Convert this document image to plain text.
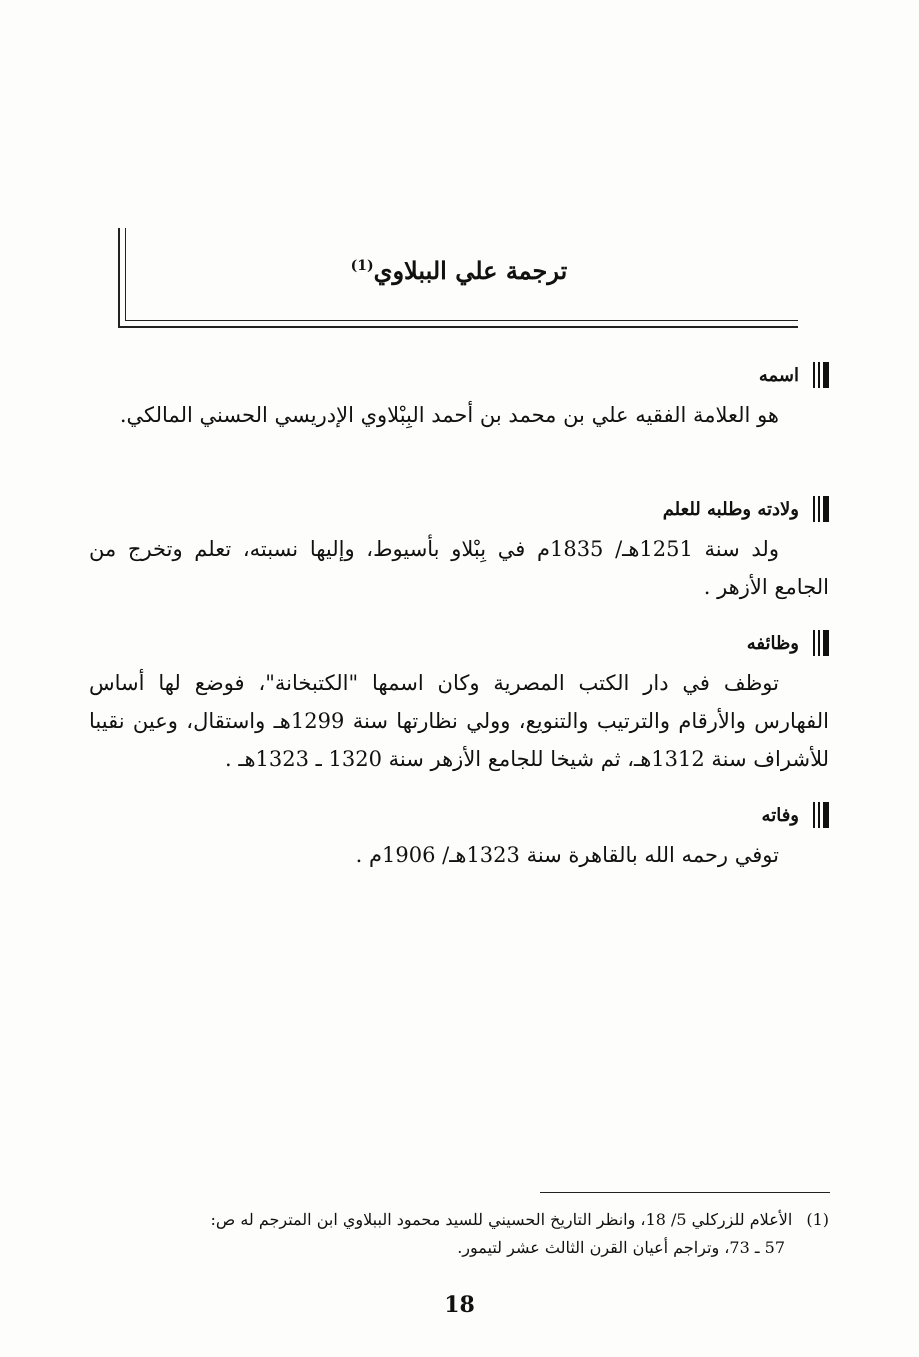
ترجمة علي الببلاوي$^{(1)}$
اسمه
هو العلامة الفقيه علي بن محمد بن أحمد البِبْلاوي الإدريسي الحسني المالكي.
ولادته وطلبه للعلم
ولد سنة 1251هـ/ 1835م في بِبْلاو بأسيوط، وإليها نسبته، تعلم وتخرج من الجامع الأزهر .
وظائفه
توظف في دار الكتب المصرية وكان اسمها "الكتبخانة"، فوضع لها أساس الفهارس والأرقام والترتيب والتنويع، وولي نظارتها سنة 1299هـ واستقال، وعين نقيبا للأشراف سنة 1312هـ، ثم شيخا للجامع الأزهر سنة 1320 ـ 1323هـ .
وفاته
توفي رحمه الله بالقاهرة سنة 1323هـ/ 1906م .
(1)الأعلام للزركلي 5/ 18، وانظر التاريخ الحسيني للسيد محمود الببلاوي ابن المترجم له ص:
57 ـ 73، وتراجم أعيان القرن الثالث عشر لتيمور.
18
